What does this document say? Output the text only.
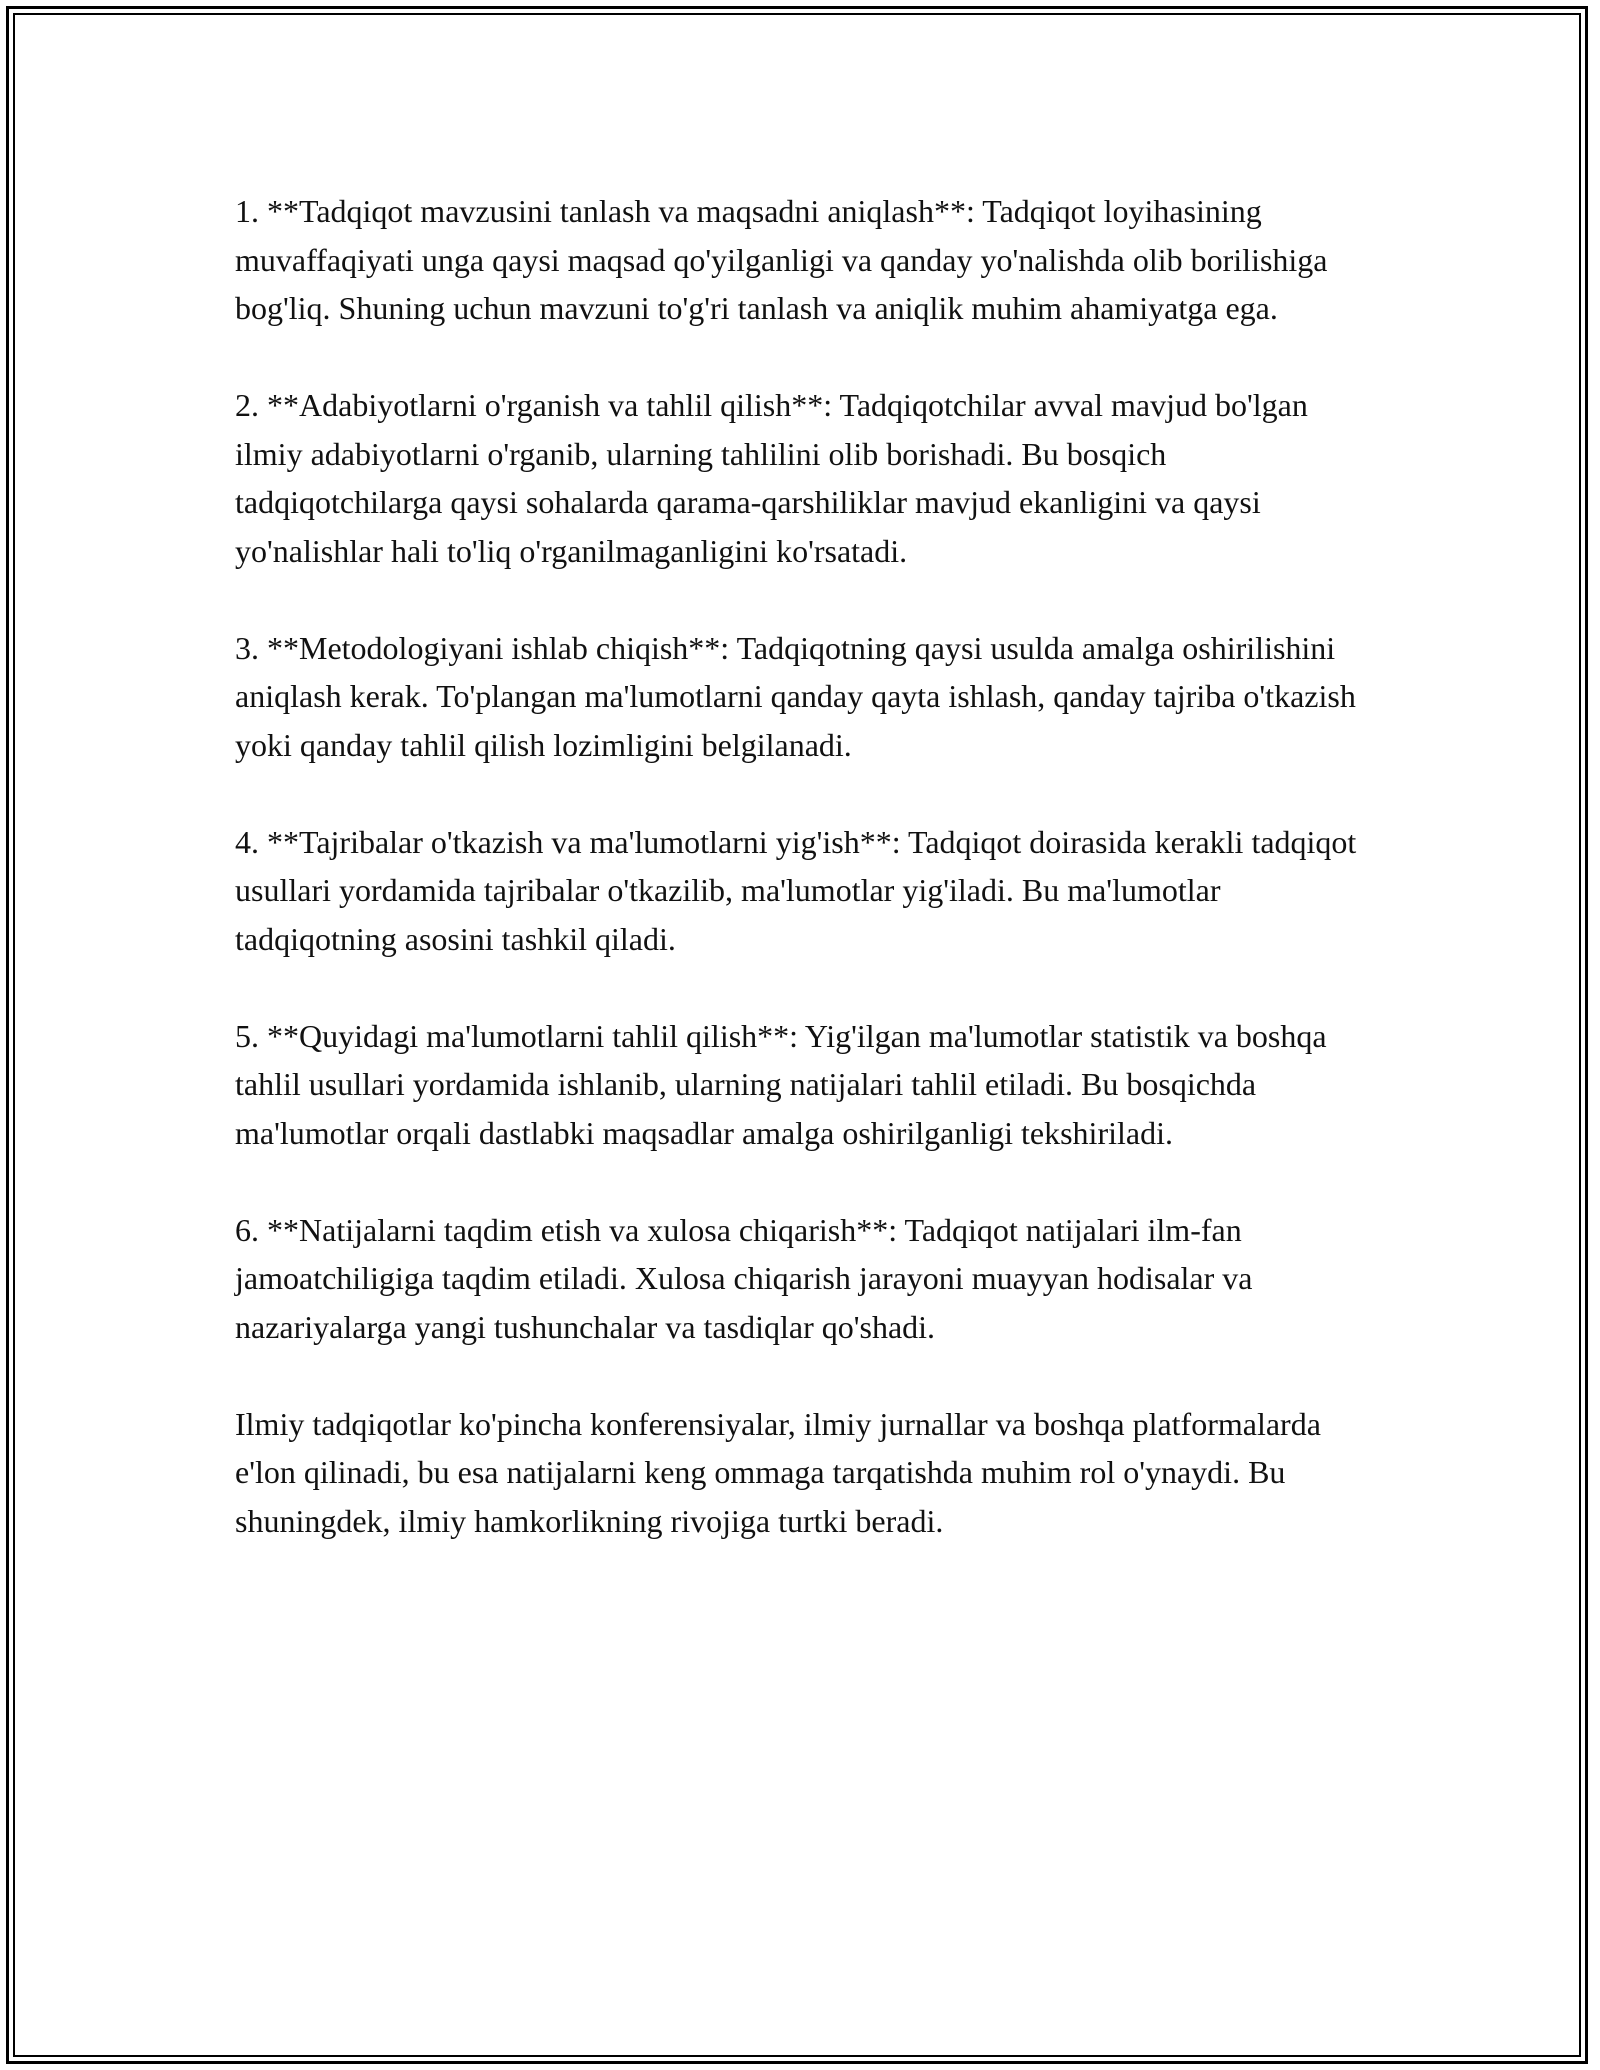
1. **Tadqiqot mavzusini tanlash va maqsadni aniqlash**: Tadqiqot loyihasining muvaffaqiyati unga qaysi maqsad qo'yilganligi va qanday yo'nalishda olib borilishiga bog'liq. Shuning uchun mavzuni to'g'ri tanlash va aniqlik muhim ahamiyatga ega.

2. **Adabiyotlarni o'rganish va tahlil qilish**: Tadqiqotchilar avval mavjud bo'lgan ilmiy adabiyotlarni o'rganib, ularning tahlilini olib borishadi. Bu bosqich tadqiqotchilarga qaysi sohalarda qarama-qarshiliklar mavjud ekanligini va qaysi yo'nalishlar hali to'liq o'rganilmaganligini ko'rsatadi.

3. **Metodologiyani ishlab chiqish**: Tadqiqotning qaysi usulda amalga oshirilishini aniqlash kerak. To'plangan ma'lumotlarni qanday qayta ishlash, qanday tajriba o'tkazish yoki qanday tahlil qilish lozimligini belgilanadi.

4. **Tajribalar o'tkazish va ma'lumotlarni yig'ish**: Tadqiqot doirasida kerakli tadqiqot usullari yordamida tajribalar o'tkazilib, ma'lumotlar yig'iladi. Bu ma'lumotlar tadqiqotning asosini tashkil qiladi.

5. **Quyidagi ma'lumotlarni tahlil qilish**: Yig'ilgan ma'lumotlar statistik va boshqa tahlil usullari yordamida ishlanib, ularning natijalari tahlil etiladi. Bu bosqichda ma'lumotlar orqali dastlabki maqsadlar amalga oshirilganligi tekshiriladi.

6. **Natijalarni taqdim etish va xulosa chiqarish**: Tadqiqot natijalari ilm-fan jamoatchiligiga taqdim etiladi. Xulosa chiqarish jarayoni muayyan hodisalar va nazariyalarga yangi tushunchalar va tasdiqlar qo'shadi.

Ilmiy tadqiqotlar ko'pincha konferensiyalar, ilmiy jurnallar va boshqa platformalarda e'lon qilinadi, bu esa natijalarni keng ommaga tarqatishda muhim rol o'ynaydi. Bu shuningdek, ilmiy hamkorlikning rivojiga turtki beradi.
